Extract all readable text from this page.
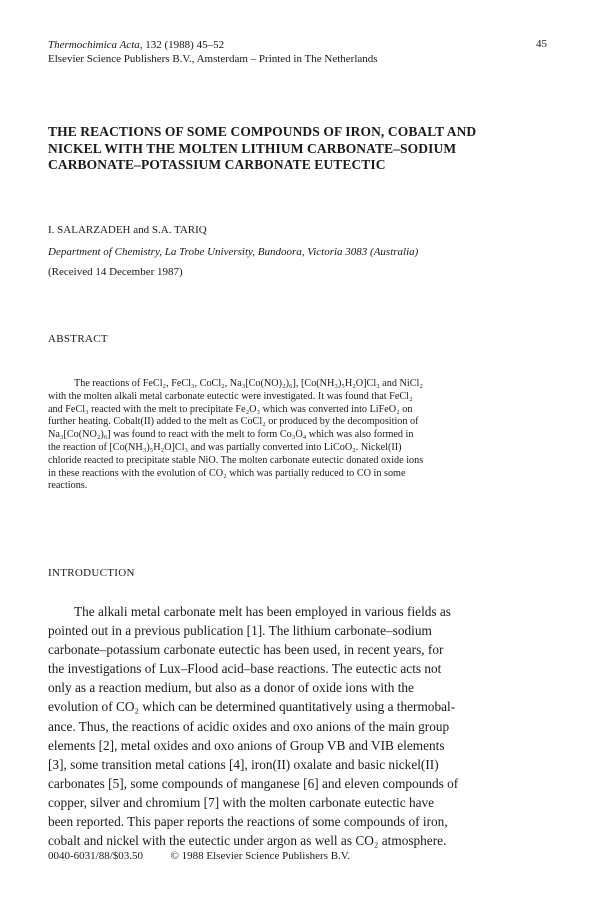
Thermochimica Acta, 132 (1988) 45–52
Elsevier Science Publishers B.V., Amsterdam – Printed in The Netherlands
45
THE REACTIONS OF SOME COMPOUNDS OF IRON, COBALT AND
NICKEL WITH THE MOLTEN LITHIUM CARBONATE–SODIUM
CARBONATE–POTASSIUM CARBONATE EUTECTIC
I. SALARZADEH and S.A. TARIQ
Department of Chemistry, La Trobe University, Bundoora, Victoria 3083 (Australia)
(Received 14 December 1987)
ABSTRACT
The reactions of FeCl₂, FeCl₃, CoCl₂, Na₃[Co(NO)₂)₆], [Co(NH₃)₅H₂O]Cl₃ and NiCl₂
with the molten alkali metal carbonate eutectic were investigated. It was found that FeCl₂
and FeCl₃ reacted with the melt to precipitate Fe₂O₃ which was converted into LiFeO₂ on
further heating. Cobalt(II) added to the melt as CoCl₂ or produced by the decomposition of
Na₃[Co(NO₂)₆] was found to react with the melt to form Co₃O₄ which was also formed in
the reaction of [Co(NH₃)₅H₂O]Cl₃ and was partially converted into LiCoO₂. Nickel(II)
chloride reacted to precipitate stable NiO. The molten carbonate eutectic donated oxide ions
in these reactions with the evolution of CO₂ which was partially reduced to CO in some
reactions.
INTRODUCTION
The alkali metal carbonate melt has been employed in various fields as
pointed out in a previous publication [1]. The lithium carbonate–sodium
carbonate–potassium carbonate eutectic has been used, in recent years, for
the investigations of Lux–Flood acid–base reactions. The eutectic acts not
only as a reaction medium, but also as a donor of oxide ions with the
evolution of CO₂ which can be determined quantitatively using a thermobal-
ance. Thus, the reactions of acidic oxides and oxo anions of the main group
elements [2], metal oxides and oxo anions of Group VB and VIB elements
[3], some transition metal cations [4], iron(II) oxalate and basic nickel(II)
carbonates [5], some compounds of manganese [6] and eleven compounds of
copper, silver and chromium [7] with the molten carbonate eutectic have
been reported. This paper reports the reactions of some compounds of iron,
cobalt and nickel with the eutectic under argon as well as CO₂ atmosphere.
0040-6031/88/$03.50	© 1988 Elsevier Science Publishers B.V.
